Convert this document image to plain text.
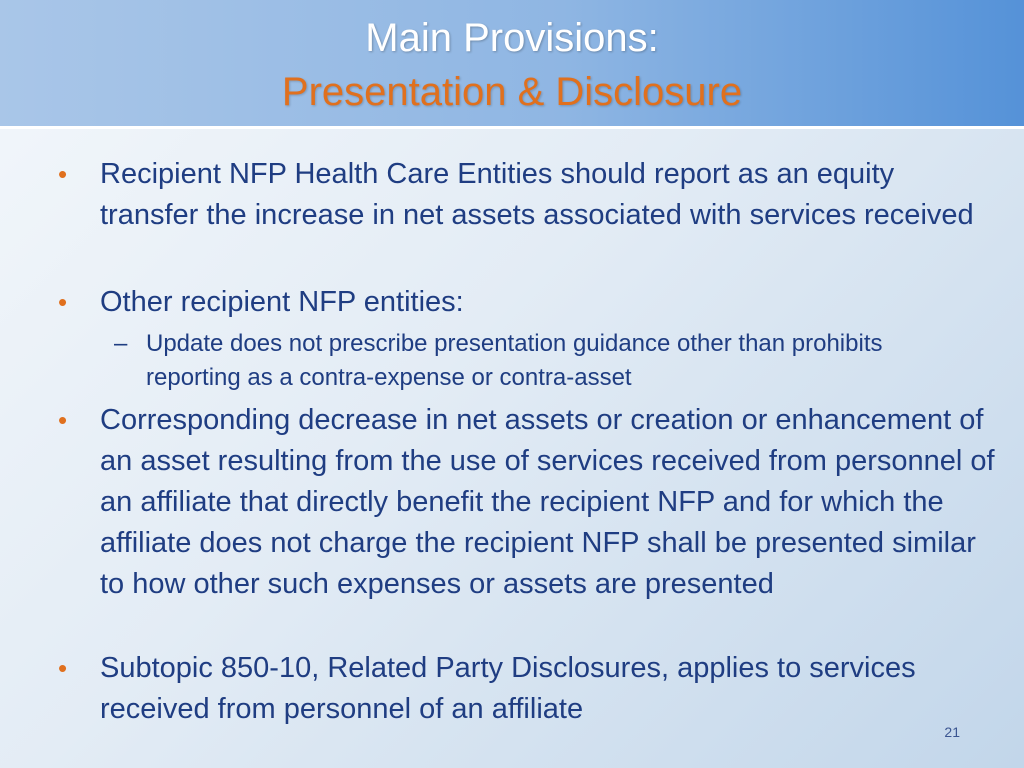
Main Provisions:
Presentation & Disclosure
• Recipient NFP Health Care Entities should report as an equity transfer the increase in net assets associated with services received
• Other recipient NFP entities:
– Update does not prescribe presentation guidance other than prohibits reporting as a contra-expense or contra-asset
• Corresponding decrease in net assets or creation or enhancement of an asset resulting from the use of services received from personnel of an affiliate that directly benefit the recipient NFP and for which the affiliate does not charge the recipient NFP shall be presented similar to how other such expenses or assets are presented
• Subtopic 850-10, Related Party Disclosures, applies to services received from personnel of an affiliate
21
